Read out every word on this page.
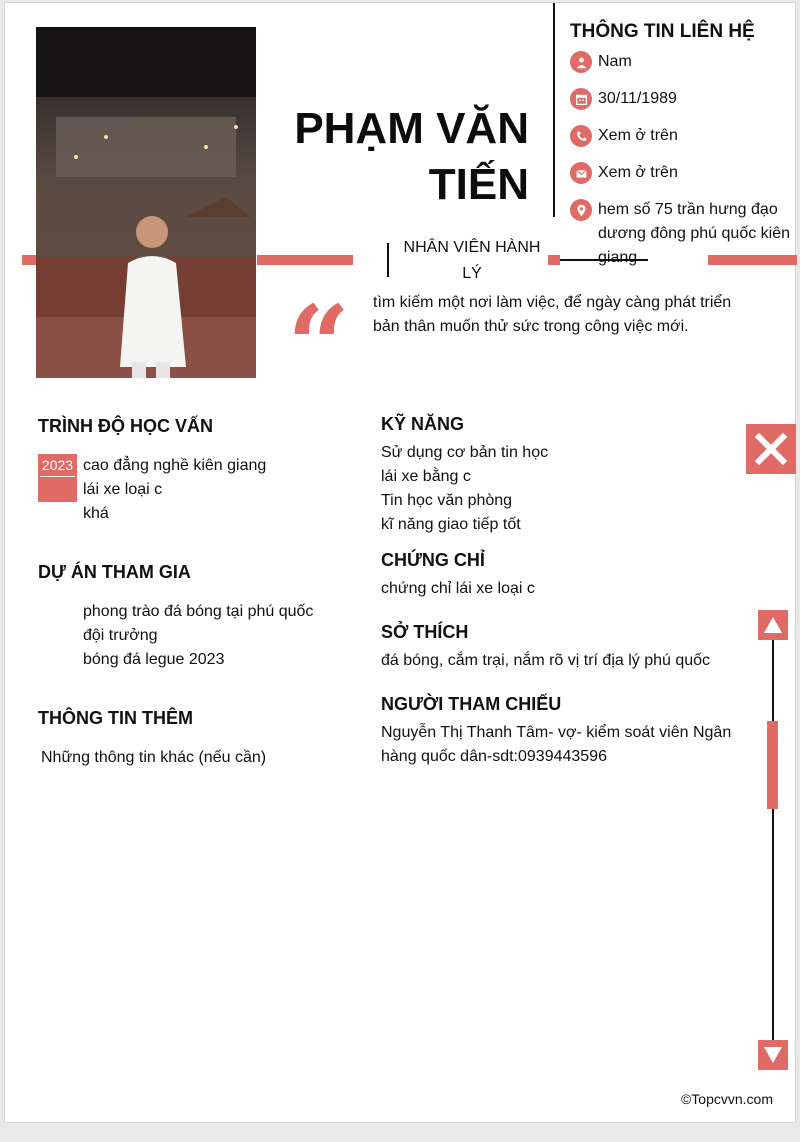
PHẠM VĂN
TIẾN
NHÂN VIÊN HÀNH LÝ
“ tìm kiếm một nơi làm việc, để ngày càng phát triển bản thân muốn thử sức trong công việc mới.
THÔNG TIN LIÊN HỆ
Nam
30/11/1989
Xem ở trên
Xem ở trên
hem số 75 trần hưng đạo dương đông phú quốc kiên giang
TRÌNH ĐỘ HỌC VẤN
2023 cao đẳng nghề kiên giang
lái xe loại c
khá
DỰ ÁN THAM GIA
phong trào đá bóng tại phú quốc
đội trưởng
bóng đá legue 2023
THÔNG TIN THÊM
Những thông tin khác (nếu cần)
KỸ NĂNG
Sử dụng cơ bản tin học
lái xe bằng c
Tin học văn phòng
kĩ năng giao tiếp tốt
CHỨNG CHỈ
chứng chỉ lái xe loại c
SỞ THÍCH
đá bóng, cắm trại, nắm rõ vị trí địa lý phú quốc
NGƯỜI THAM CHIẾU
Nguyễn Thị Thanh Tâm- vợ- kiểm soát viên Ngân hàng quốc dân-sdt:0939443596
©Topcvvn.com
